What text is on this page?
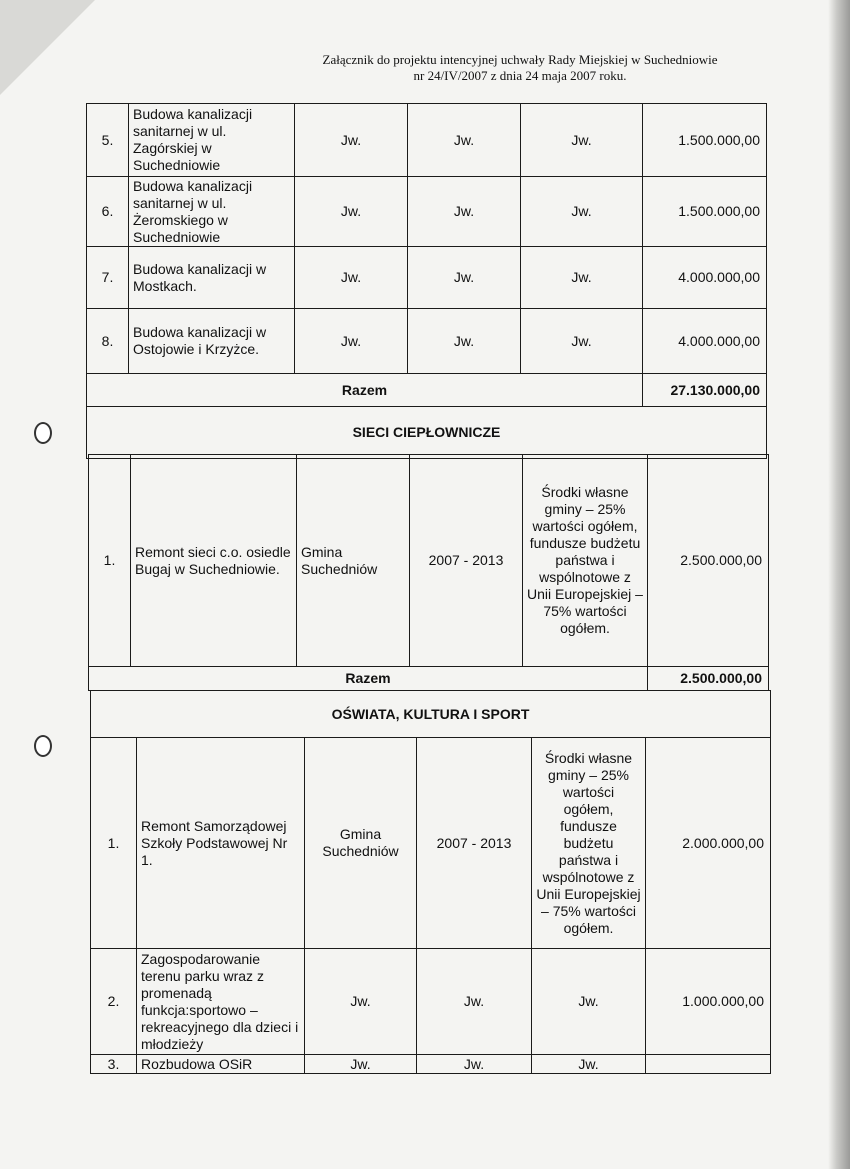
Załącznik do projektu intencyjnej uchwały Rady Miejskiej w Suchedniowie
nr 24/IV/2007 z dnia 24 maja 2007 roku.
5.	Budowa kanalizacji sanitarnej w ul. Zagórskiej w Suchedniowie	Jw.	Jw.	Jw.	1.500.000,00
6.	Budowa kanalizacji sanitarnej w ul. Żeromskiego w Suchedniowie	Jw.	Jw.	Jw.	1.500.000,00
7.	Budowa kanalizacji w Mostkach.	Jw.	Jw.	Jw.	4.000.000,00
8.	Budowa kanalizacji w Ostojowie i Krzyżce.	Jw.	Jw.	Jw.	4.000.000,00
Razem					27.130.000,00
SIECI CIEPŁOWNICZE					
1.	Remont sieci c.o. osiedle Bugaj w Suchedniowie.	Gmina Suchedniów	2007 - 2013	Środki własne gminy – 25% wartości ogółem, fundusze budżetu państwa i wspólnotowe z Unii Europejskiej – 75% wartości ogółem.	2.500.000,00
Razem					2.500.000,00
OŚWIATA, KULTURA I SPORT					
1.	Remont Samorządowej Szkoły Podstawowej Nr 1.	Gmina Suchedniów	2007 - 2013	Środki własne gminy – 25% wartości ogółem, fundusze budżetu państwa i wspólnotowe z Unii Europejskiej – 75% wartości ogółem.	2.000.000,00
2.	Zagospodarowanie terenu parku wraz z promenadą funkcja:sportowo – rekreacyjnego dla dzieci i młodzieży	Jw.	Jw.	Jw.	1.000.000,00
3.	Rozbudowa OSiR	Jw.	Jw.	Jw.	
